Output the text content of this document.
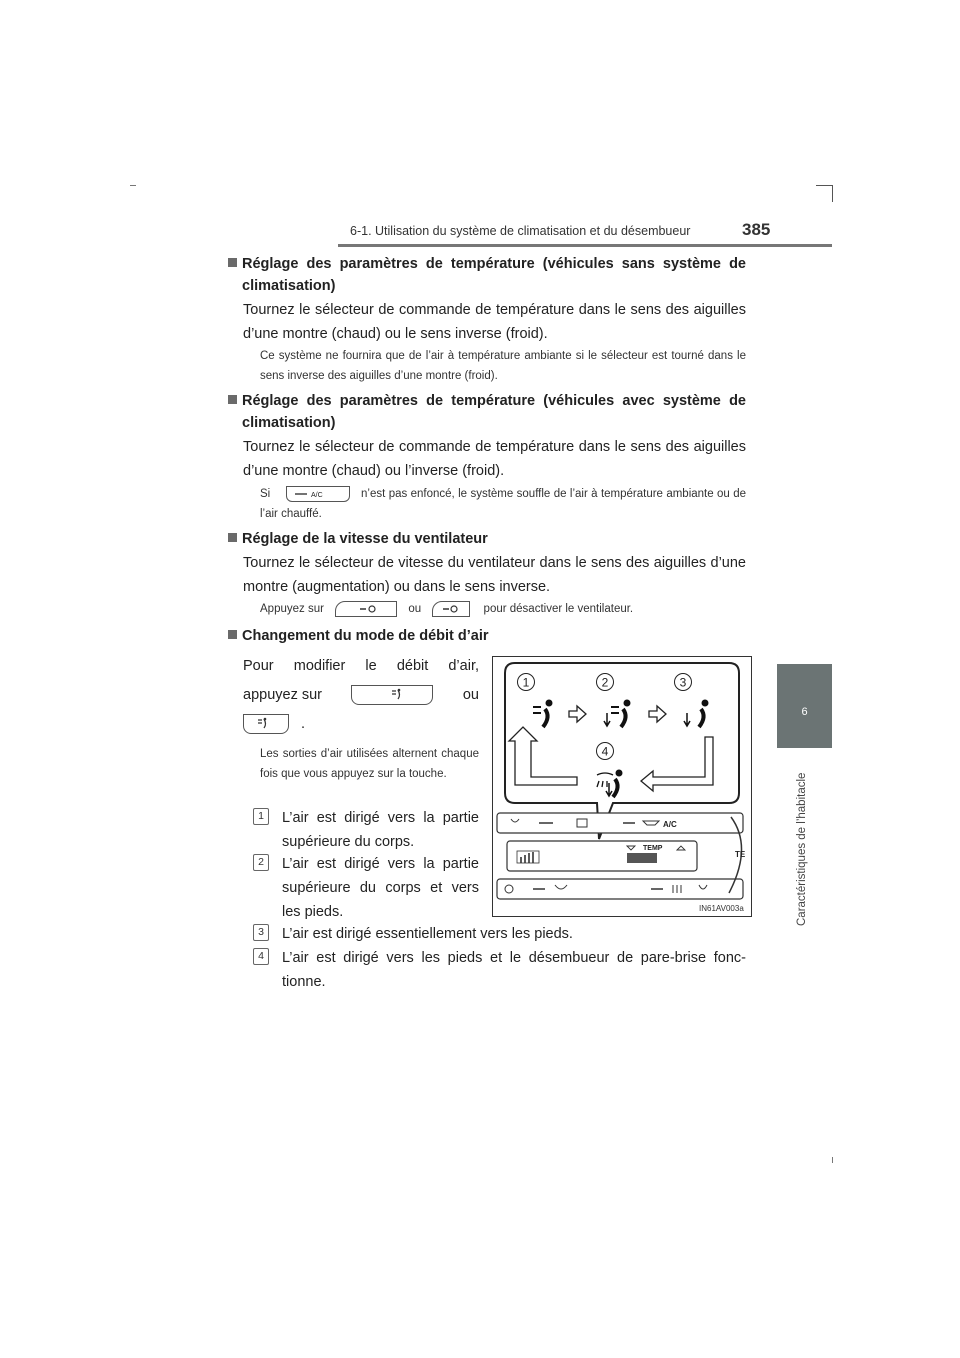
6-1. Utilisation du système de climatisation et du désembueur	385
6
Caractéristiques de l’habitacle
Réglage des paramètres de température (véhicules sans système de climatisation)
Tournez le sélecteur de commande de température dans le sens des aiguilles d’une montre (chaud) ou le sens inverse (froid).
Ce système ne fournira que de l’air à température ambiante si le sélecteur est tourné dans le sens inverse des aiguilles d’une montre (froid).
Réglage des paramètres de température (véhicules avec système de climatisation)
Tournez le sélecteur de commande de température dans le sens des aiguilles d’une montre (chaud) ou l’inverse (froid).
Si	A/C	n’est pas enfoncé, le système souffle de l’air à température ambiante ou de l’air chauffé.
Réglage de la vitesse du ventilateur
Tournez le sélecteur de vitesse du ventilateur dans le sens des aiguilles d’une montre (augmentation) ou dans le sens inverse.
Appuyez sur	ou	pour désactiver le ventilateur.
Changement du mode de débit d’air
Pour modifier le débit d’air,
appuyez sur	ou
.
Les sorties d’air utilisées alternent chaque fois que vous appuyez sur la touche.
1	L’air est dirigé vers la partie supérieure du corps.
2	L’air est dirigé vers la partie supérieure du corps et vers les pieds.
3	L’air est dirigé essentiellement vers les pieds.
4	L’air est dirigé vers les pieds et le désembueur de pare-brise fonc-tionne.
1	2	3
4
A/C
TEMP
TE
IN61AV003a
